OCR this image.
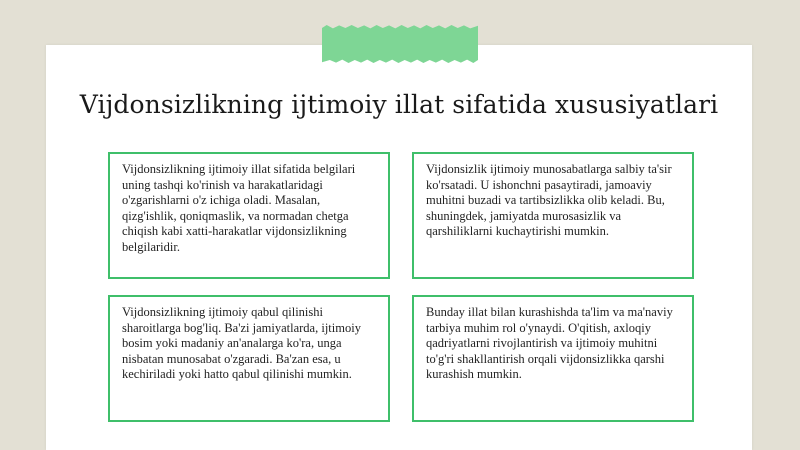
Vijdonsizlikning ijtimoiy illat sifatida xususiyatlari

Vijdonsizlikning ijtimoiy illat sifatida belgilari uning tashqi ko'rinish va harakatlaridagi o'zgarishlarni o'z ichiga oladi. Masalan, qizg'ishlik, qoniqmaslik, va normadan chetga chiqish kabi xatti-harakatlar vijdonsizlikning belgilaridir.

Vijdonsizlik ijtimoiy munosabatlarga salbiy ta'sir ko'rsatadi. U ishonchni pasaytiradi, jamoaviy muhitni buzadi va tartibsizlikka olib keladi. Bu, shuningdek, jamiyatda murosasizlik va qarshiliklarni kuchaytirishi mumkin.

Vijdonsizlikning ijtimoiy qabul qilinishi sharoitlarga bog'liq. Ba'zi jamiyatlarda, ijtimoiy bosim yoki madaniy an'analarga ko'ra, unga nisbatan munosabat o'zgaradi. Ba'zan esa, u kechiriladi yoki hatto qabul qilinishi mumkin.

Bunday illat bilan kurashishda ta'lim va ma'naviy tarbiya muhim rol o'ynaydi. O'qitish, axloqiy qadriyatlarni rivojlantirish va ijtimoiy muhitni to'g'ri shakllantirish orqali vijdonsizlikka qarshi kurashish mumkin.
